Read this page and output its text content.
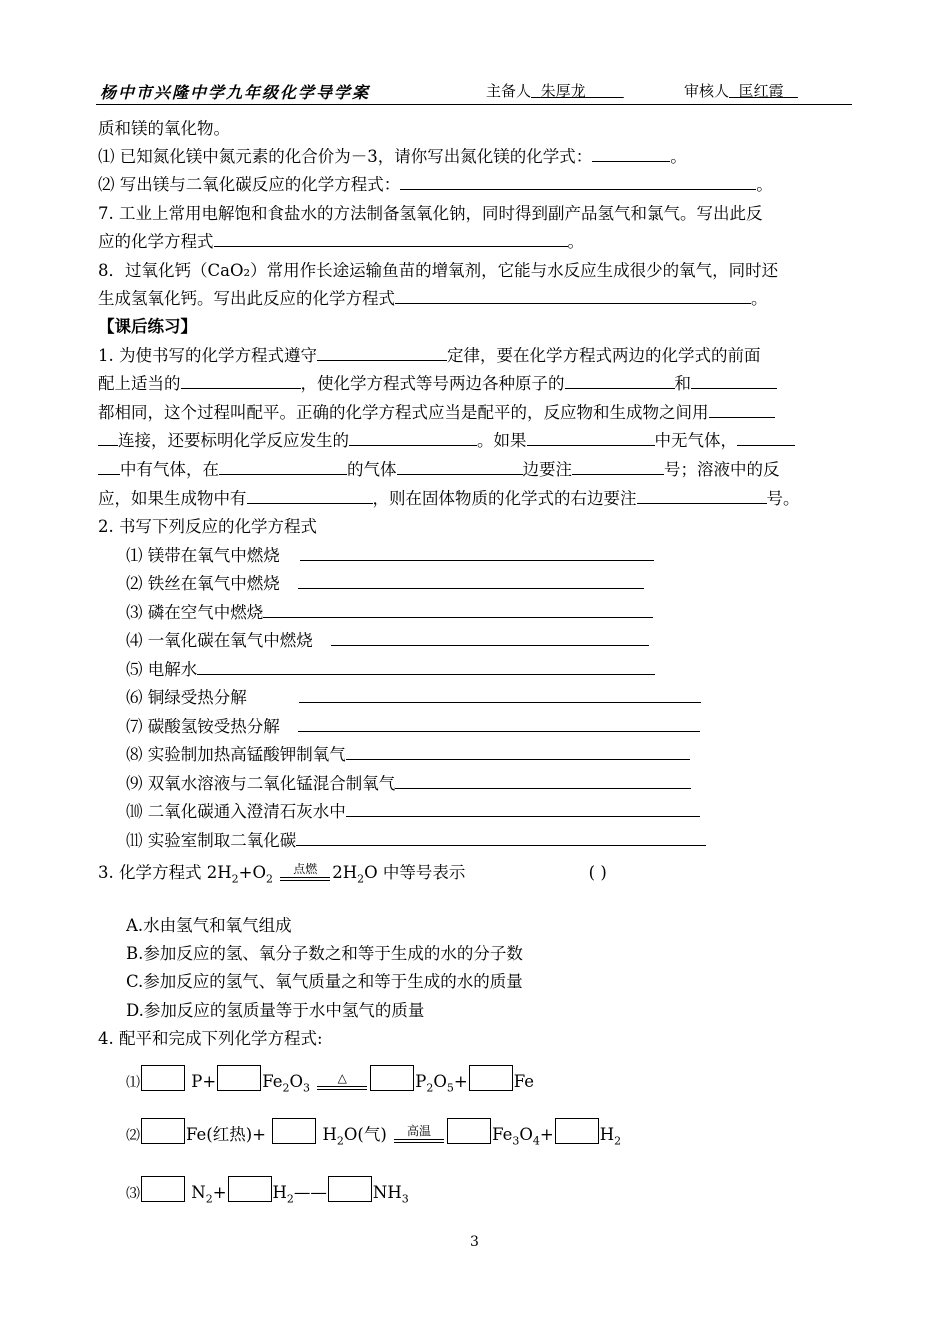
杨中市兴隆中学九年级化学导学案	主备人 朱厚龙	审核人 匡红霞
质和镁的氧化物。
⑴ 已知氮化镁中氮元素的化合价为－3，请你写出氮化镁的化学式：	。
⑵ 写出镁与二氧化碳反应的化学方程式：	。
7. 工业上常用电解饱和食盐水的方法制备氢氧化钠，同时得到副产品氢气和氯气。写出此反
应的化学方程式	。
8．过氧化钙（CaO₂）常用作长途运输鱼苗的增氧剂，它能与水反应生成很少的氧气，同时还
生成氢氧化钙。写出此反应的化学方程式	。
【课后练习】
1. 为使书写的化学方程式遵守	定律，要在化学方程式两边的化学式的前面
配上适当的	，使化学方程式等号两边各种原子的	和
都相同，这个过程叫配平。正确的化学方程式应当是配平的，反应物和生成物之间用
连接，还要标明化学反应发生的	。如果	中无气体，
中有气体，在	的气体	边要注	号；溶液中的反
应，如果生成物中有	，则在固体物质的化学式的右边要注	号。
2. 书写下列反应的化学方程式
⑴ 镁带在氧气中燃烧
⑵ 铁丝在氧气中燃烧
⑶ 磷在空气中燃烧
⑷ 一氧化碳在氧气中燃烧
⑸ 电解水
⑹ 铜绿受热分解
⑺ 碳酸氢铵受热分解
⑻ 实验制加热高锰酸钾制氧气
⑼ 双氧水溶液与二氧化锰混合制氧气
⑽ 二氧化碳通入澄清石灰水中
⑾ 实验室制取二氧化碳
3. 化学方程式 $2H_2+O_2$
点燃 $2H_2O$ 中等号表示	( )
A.水由氢气和氧气组成
B.参加反应的氢、氧分子数之和等于生成的水的分子数
C.参加反应的氢气、氧气质量之和等于生成的水的质量
D.参加反应的氢质量等于水中氢气的质量
4. 配平和完成下列化学方程式:
⑴	P+	$Fe_2O_3$
△	$P_2O_5+$	Fe
⑵	Fe(红热)+	$H_2O$(气)	高温	$Fe_3O_4+$	$H_2$
⑶	$N_2+$	$H_2——$	$NH_3$
3
